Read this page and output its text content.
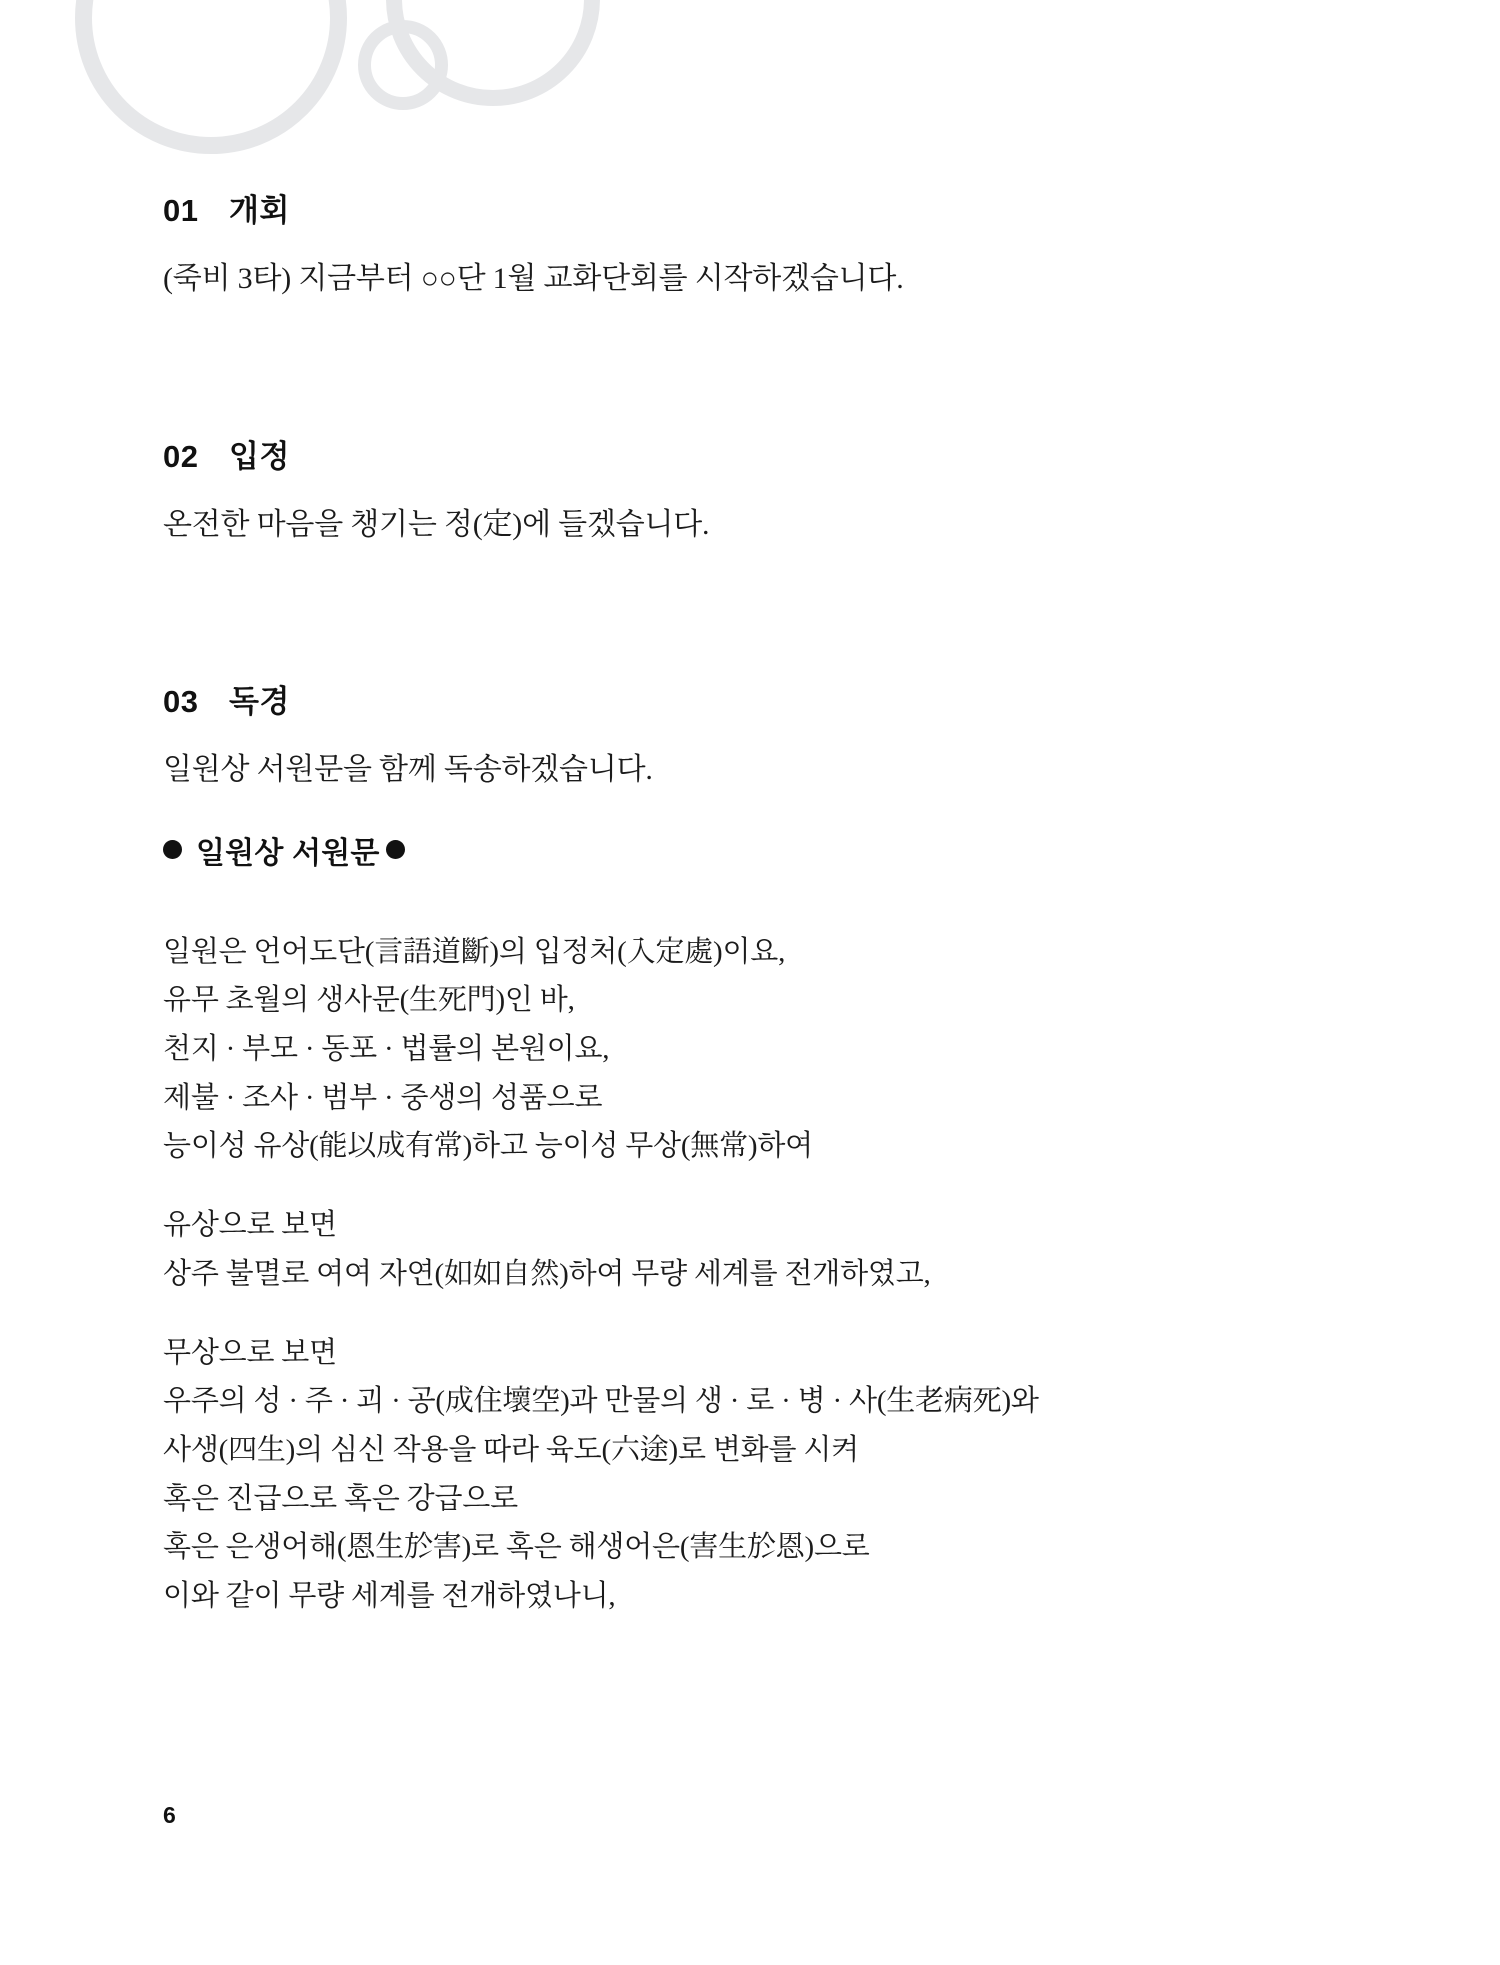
01 개회

(죽비 3타) 지금부터 ○○단 1월 교화단회를 시작하겠습니다.

02 입정

온전한 마음을 챙기는 정(定)에 들겠습니다.

03 독경

일원상 서원문을 함께 독송하겠습니다.

일원상 서원문

일원은 언어도단(言語道斷)의 입정처(入定處)이요,

유무 초월의 생사문(生死門)인 바,

천지 · 부모 · 동포 · 법률의 본원이요,

제불 · 조사 · 범부 · 중생의 성품으로

능이성 유상(能以成有常)하고 능이성 무상(無常)하여

유상으로 보면

상주 불멸로 여여 자연(如如自然)하여 무량 세계를 전개하였고,

무상으로 보면

우주의 성 · 주 · 괴 · 공(成住壞空)과 만물의 생 · 로 · 병 · 사(生老病死)와

사생(四生)의 심신 작용을 따라 육도(六途)로 변화를 시켜

혹은 진급으로 혹은 강급으로

혹은 은생어해(恩生於害)로 혹은 해생어은(害生於恩)으로

이와 같이 무량 세계를 전개하였나니,

6
